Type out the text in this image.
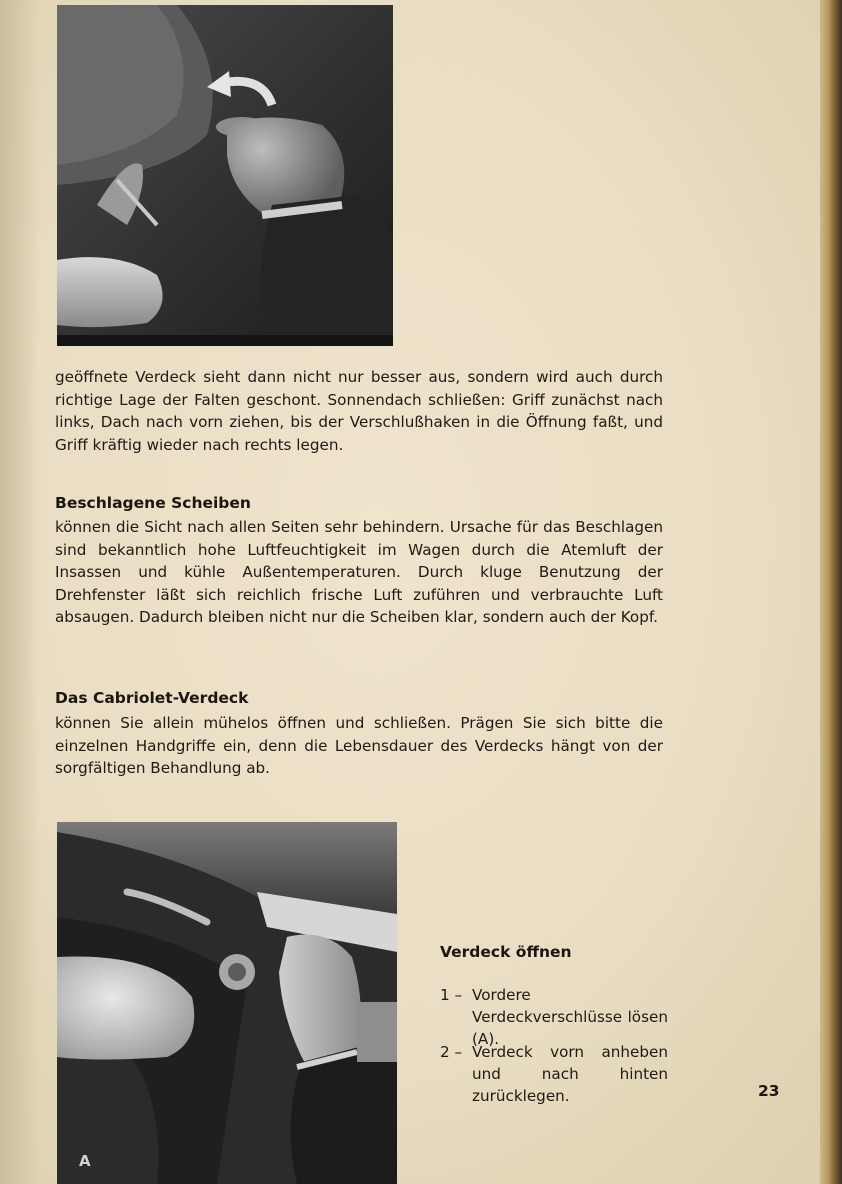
geöffnete Verdeck sieht dann nicht nur besser aus, sondern wird auch durch richtige Lage der Falten geschont. Sonnendach schließen: Griff zunächst nach links, Dach nach vorn ziehen, bis der Verschlußhaken in die Öffnung faßt, und Griff kräftig wieder nach rechts legen.

Beschlagene Scheiben

können die Sicht nach allen Seiten sehr behindern. Ursache für das Beschlagen sind bekanntlich hohe Luftfeuchtigkeit im Wagen durch die Atemluft der Insassen und kühle Außentemperaturen. Durch kluge Benutzung der Drehfenster läßt sich reichlich frische Luft zuführen und verbrauchte Luft absaugen. Dadurch bleiben nicht nur die Scheiben klar, sondern auch der Kopf.

Das Cabriolet-Verdeck

können Sie allein mühelos öffnen und schließen. Prägen Sie sich bitte die einzelnen Handgriffe ein, denn die Lebensdauer des Verdecks hängt von der sorgfältigen Behandlung ab.

A
Verdeck öffnen
1 – Vordere Verdeckverschlüsse lösen (A).
2 – Verdeck vorn anheben und nach hinten zurücklegen.	23
